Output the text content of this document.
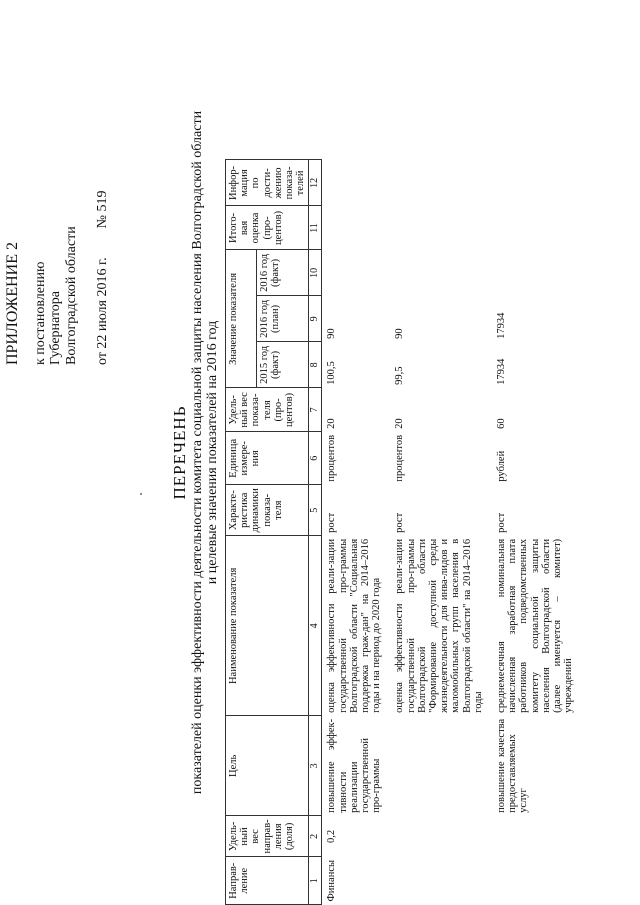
ПРИЛОЖЕНИЕ 2 к постановлению Губернатора Волгоградской области от 22 июля 2016 г.  № 519
ПЕРЕЧЕНЬ показателей оценки эффективности деятельности комитета социальной защиты населения Волгоградской области и целевые значения показателей на 2016 год
Направ-ление	Удель-ный вес направ-ления (доля)	Цель	Наименование показателя	Характе-ристика динамики показа-теля	Единица измере-ния	Удель-ный вес показа-теля (про-центов)	Значение показателя			Итого-вая оценка (про-центов)	Инфор-мация по дости-жению показа-телей
							2015 год (факт)	2016 год (план)	2016 год (факт)		
1	2	3	4	5	6	7	8	9	10	11	12
Финансы	0,2	повышение эффек-тивности реализации государственной про-граммы	оценка эффективности реали-зации государственной про-граммы Волгоградской области "Социальная поддержка граж-дан" на 2014–2016 годы и на период до 2020 года	рост	процентов	20	100,5	90			
			оценка эффективности реали-зации государственной про-граммы Волгоградской области "Формирование доступной среды жизнедеятельности для инва-лидов и маломобильных групп населения в Волгоградской области" на 2014–2016 годы	рост	процентов	20	99,5	90			
		повышение качества предоставляемых услуг	среднемесячная номинальная начисленная заработная плата работников подведомственных комитету социальной защиты населения Волгоградской области (далее именуется – комитет) учреждений	рост	рублей	60	17934	17934			
